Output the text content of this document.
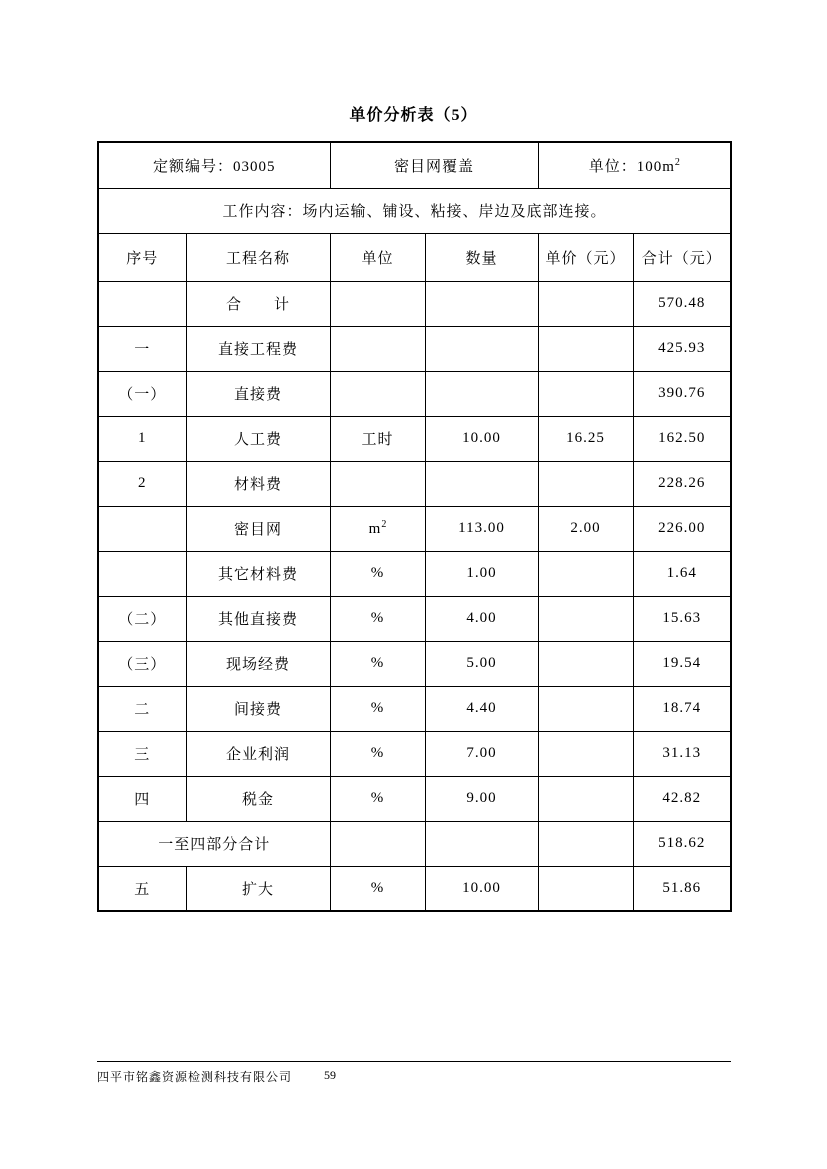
单价分析表（5）
定额编号：03005		密目网覆盖		单位：$100m^2$
工作内容：场内运输、铺设、粘接、岸边及底部连接。					
序号	工程名称	单位	数量	单价（元）	合计（元）
	合　　计				570.48
一	直接工程费				425.93
（一）	直接费				390.76
1	人工费	工时	10.00	16.25	162.50
2	材料费				228.26
	密目网	$m^2$	113.00	2.00	226.00
	其它材料费	%	1.00		1.64
（二）	其他直接费	%	4.00		15.63
（三）	现场经费	%	5.00		19.54
二	间接费	%	4.40		18.74
三	企业利润	%	7.00		31.13
四	税金	%	9.00		42.82
一至四部分合计					518.62
五	扩大	%	10.00		51.86
四平市铭鑫资源检测科技有限公司	59
